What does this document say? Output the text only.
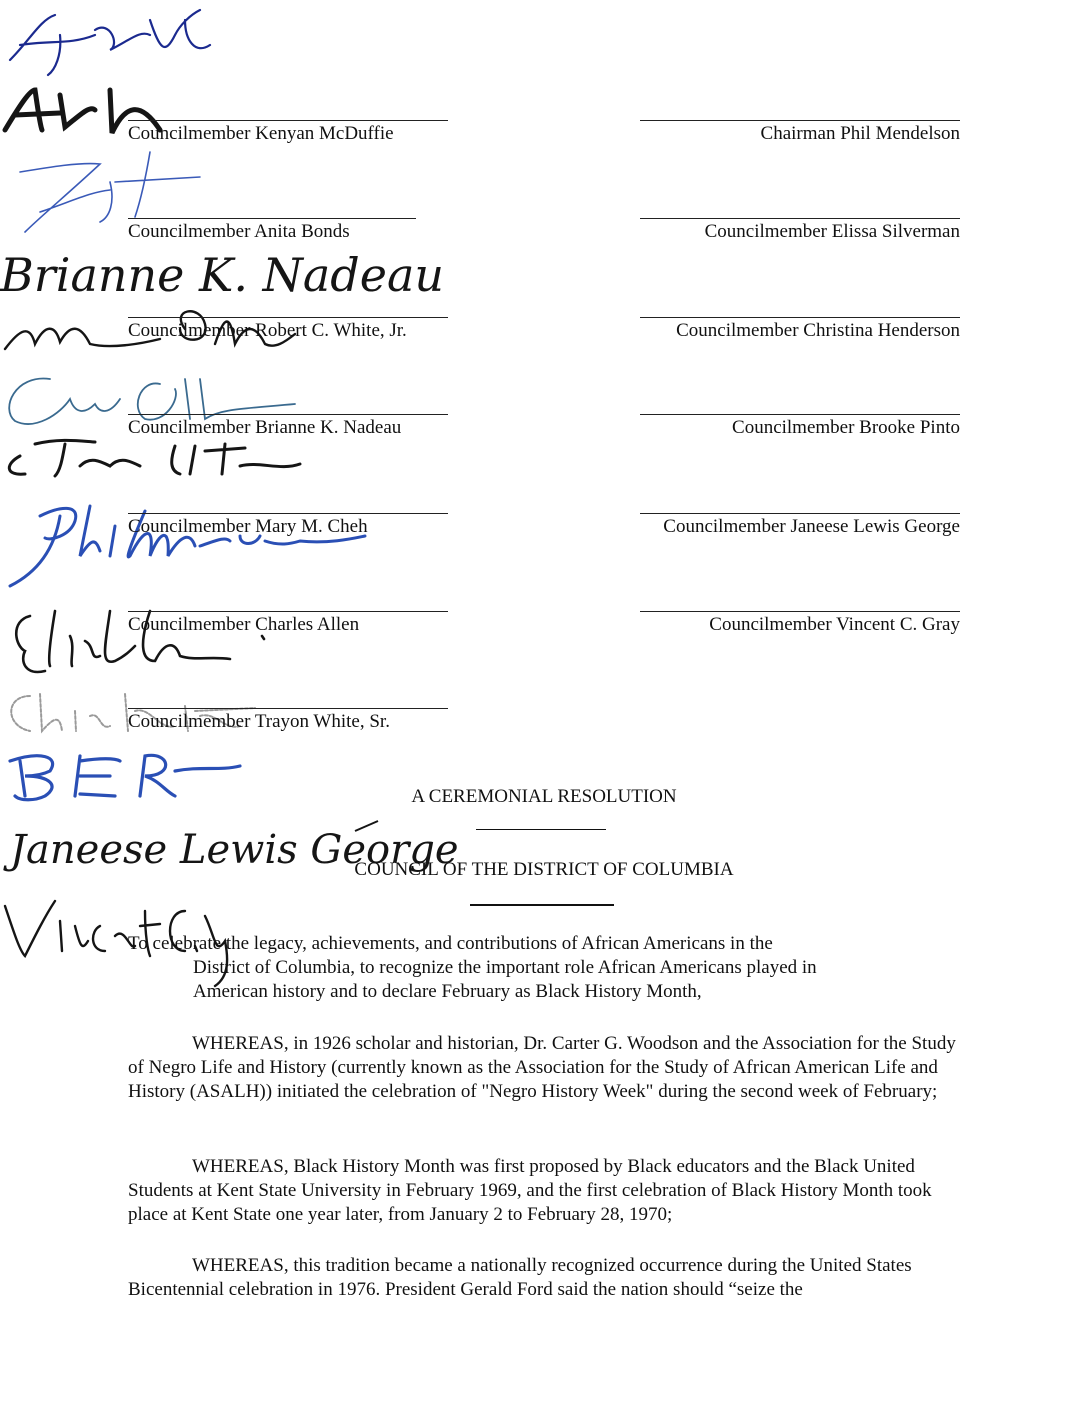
Councilmember Kenyan McDuffie
Councilmember Anita Bonds
Councilmember Robert C. White, Jr.
Brianne K. Nadeau
Councilmember Brianne K. Nadeau
Councilmember Mary M. Cheh
Councilmember Charles Allen
Councilmember Trayon White, Sr.
Chairman Phil Mendelson
Councilmember Elissa Silverman
Councilmember Christina Henderson
Councilmember Brooke Pinto
Janeese Lewis George
Councilmember Janeese Lewis George
Councilmember Vincent C. Gray
A CEREMONIAL RESOLUTION
COUNCIL OF THE DISTRICT OF COLUMBIA
To celebrate the legacy, achievements, and contributions of African Americans in the
District of Columbia, to recognize the important role African Americans played in
American history and to declare February as Black History Month,
WHEREAS, in 1926 scholar and historian, Dr. Carter G. Woodson and the Association for the Study of Negro Life and History (currently known as the Association for the Study of African American Life and History (ASALH)) initiated the celebration of "Negro History Week" during the second week of February;
WHEREAS, Black History Month was first proposed by Black educators and the Black United Students at Kent State University in February 1969, and the first celebration of Black History Month took place at Kent State one year later, from January 2 to February 28, 1970;
WHEREAS, this tradition became a nationally recognized occurrence during the United States Bicentennial celebration in 1976. President Gerald Ford said the nation should “seize the
